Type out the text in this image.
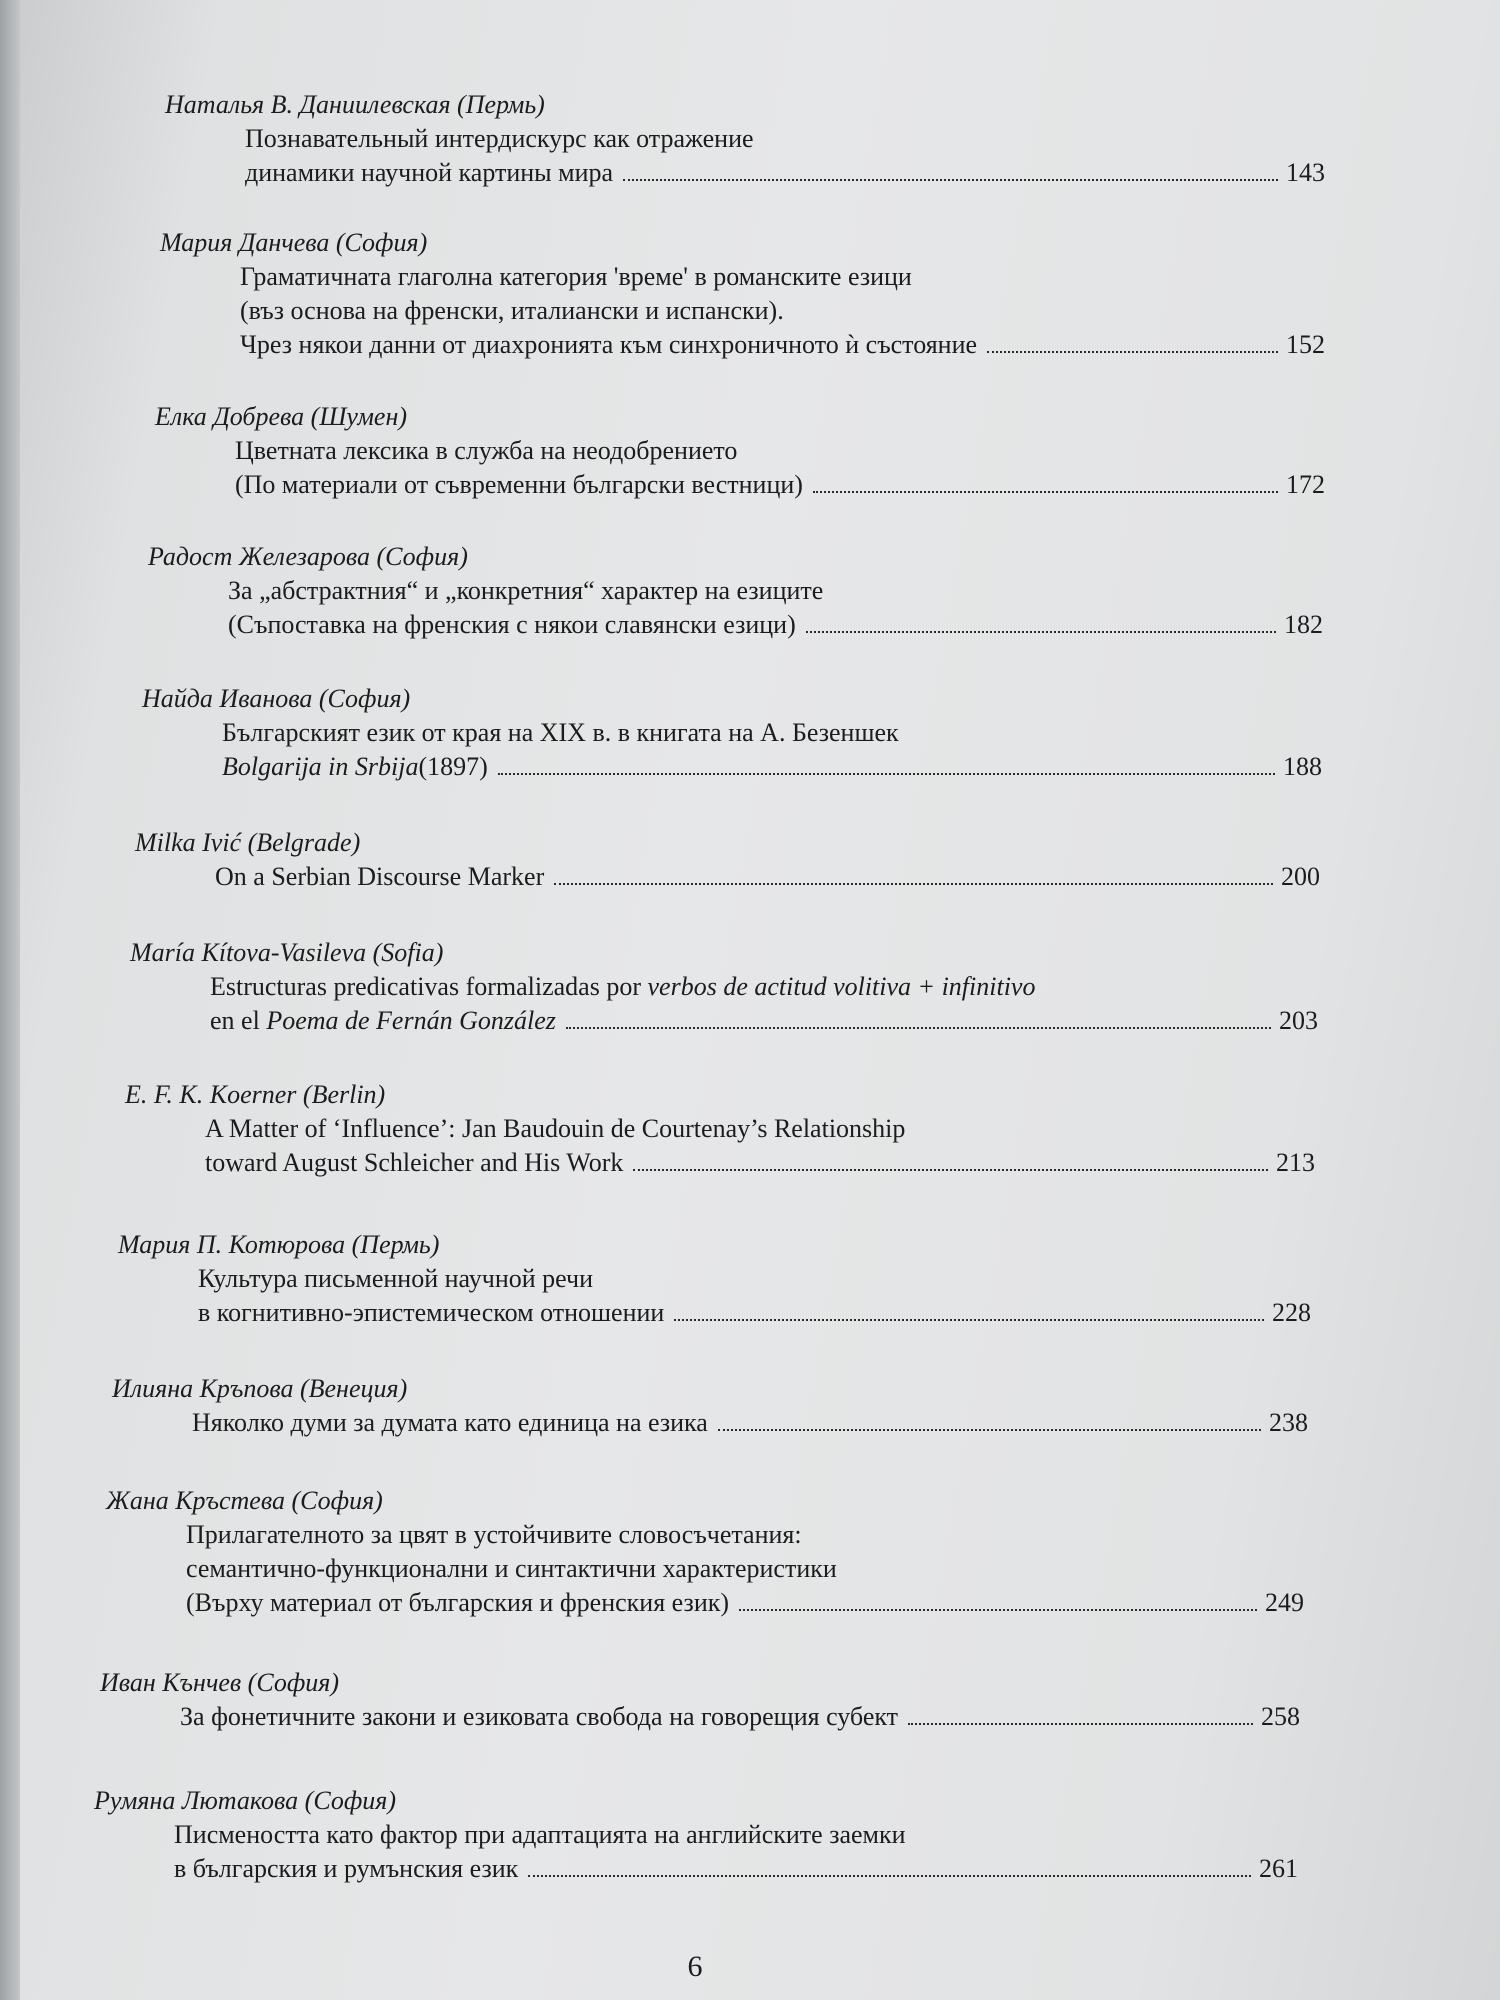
Наталья В. Даниилевская (Пермь)
Познавательный интердискурс как отражение
динамики научной картины мира	143
Мария Данчева (София)
Граматичната глаголна категория 'време' в романските езици
(въз основа на френски, италиански и испански).
Чрез някои данни от диахронията към синхроничното ѝ състояние	152
Елка Добрева (Шумен)
Цветната лексика в служба на неодобрението
(По материали от съвременни български вестници)	172
Радост Железарова (София)
За „абстрактния“ и „конкретния“ характер на езиците
(Съпоставка на френския с някои славянски езици)	182
Найда Иванова (София)
Българският език от края на XIX в. в книгата на А. Безеншек
Bolgarija in Srbija (1897)	188
Milka Ivić (Belgrade)
On a Serbian Discourse Marker	200
María Kítova-Vasileva (Sofia)
Estructuras predicativas formalizadas por verbos de actitud volitiva + infinitivo
en el Poema de Fernán González	203
E. F. K. Koerner (Berlin)
A Matter of ‘Influence’: Jan Baudouin de Courtenay’s Relationship
toward August Schleicher and His Work	213
Мария П. Котюрова (Пермь)
Культура письменной научной речи
в когнитивно-эпистемическом отношении	228
Илияна Кръпова (Венеция)
Няколко думи за думата като единица на езика	238
Жана Кръстева (София)
Прилагателното за цвят в устойчивите словосъчетания:
семантично-функционални и синтактични характеристики
(Върху материал от българския и френския език)	249
Иван Кънчев (София)
За фонетичните закони и езиковата свобода на говорещия субект	258
Румяна Лютакова (София)
Писмеността като фактор при адаптацията на английските заемки
в българския и румънския език	261
6
